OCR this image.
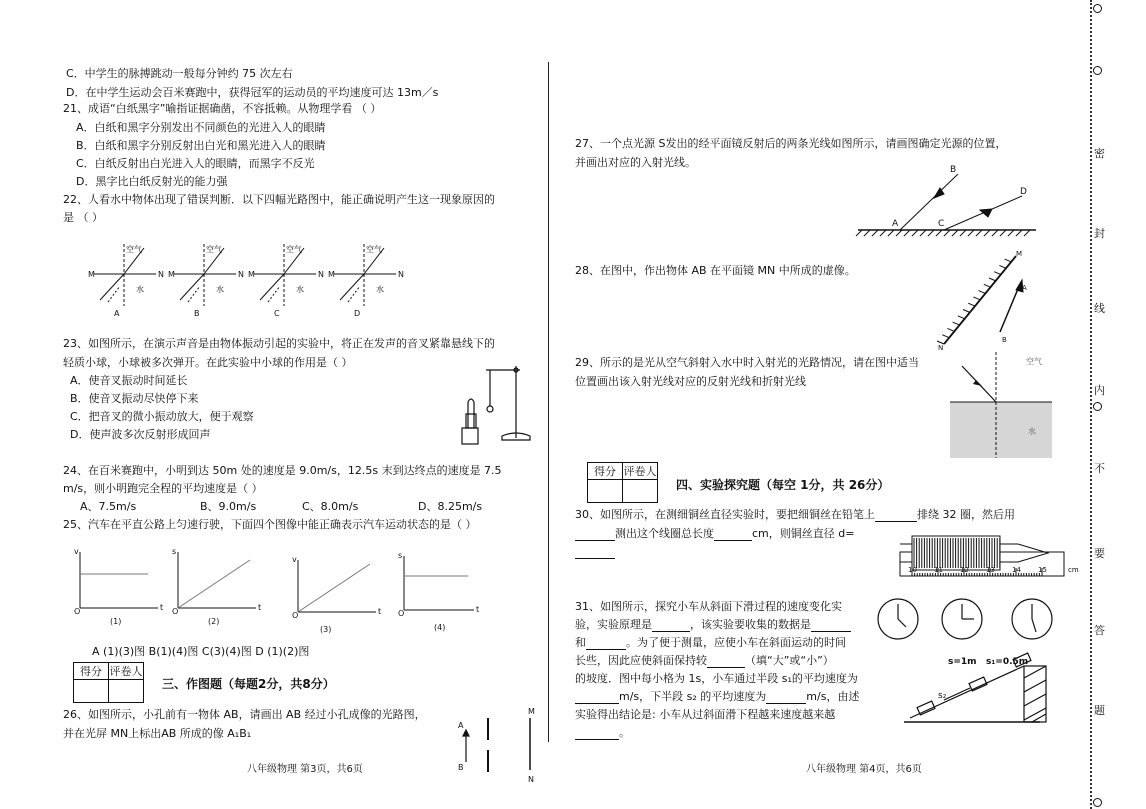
C．中学生的脉搏跳动一般每分钟约 75 次左右
D．在中学生运动会百米赛跑中，获得冠军的运动员的平均速度可达 13m／s
21、成语“白纸黑字”喻指证据确凿，不容抵赖。从物理学看 （ ）
A．白纸和黑字分别发出不同颜色的光进入人的眼睛
B．白纸和黑字分别反射出白光和黑光进入人的眼睛
C．白纸反射出白光进入人的眼睛，而黑字不反光
D．黑字比白纸反射光的能力强
22、人看水中物体出现了错误判断．以下四幅光路图中，能正确说明产生这一现象原因的
是 （ ）
M	N
空气
水
A
M	N
空气
水
B
M	N
空气
水
C
M	N
空气
水
D
23、如图所示，在演示声音是由物体振动引起的实验中，将正在发声的音叉紧靠悬线下的
轻质小球，小球被多次弹开。在此实验中小球的作用是（ ）
A．使音叉振动时间延长
B．使音叉振动尽快停下来
C．把音叉的微小振动放大，便于观察
D．使声波多次反射形成回声
24、在百米赛跑中，小明到达 50m 处的速度是 9.0m/s，12.5s 末到达终点的速度是 7.5
m/s，则小明跑完全程的平均速度是（ ）
A、7.5m/s	B、9.0m/s	C、8.0m/s	D、8.25m/s
25、汽车在平直公路上匀速行驶，下面四个图像中能正确表示汽车运动状态的是（ ）
v
t
O
s
t
O
v
t
O
s
t
O
(1)	(2)
(3)	(4)
A (1)(3)图 B(1)(4)图 C(3)(4)图 D (1)(2)图
得分	评卷人

三、作图题（每题2分，共8分）
26、如图所示，小孔前有一物体 AB，请画出 AB 经过小孔成像的光路图，
并在光屏 MN上标出AB 所成的像 A₁B₁
A
B
M
N
八年级物理 第3页，共6页
27、一个点光源 S发出的经平面镜反射后的两条光线如图所示，请画图确定光源的位置，
并画出对应的入射光线。
A
B
C
D
28、在图中，作出物体 AB 在平面镜 MN 中所成的虚像。
M
N
A
B
29、所示的是光从空气斜射入水中时入射光的光路情况，请在图中适当
位置画出该入射光线对应的反射光线和折射光线
空气
水
得分	评卷人

四、实验探究题（每空 1分，共 26分）
30、如图所示，在测细铜丝直径实验时，要把细铜丝在铅笔上	排绕 32 圈，然后用
测出这个线圈总长度	cm，则铜丝直径 d=
10 11 12 13 14 15	cm
31、如图所示，探究小车从斜面下滑过程的速度变化实
验，实验原理是	，该实验要收集的数据是
和	。为了便于测量，应使小车在斜面运动的时间
长些，因此应使斜面保持较	（填“大”或“小”）
的坡度．图中每小格为 1s，小车通过半段 s₁的平均速度为
m/s，下半段 s₂ 的平均速度为	m/s，由述
实验得出结论是: 小车从过斜面滑下程越来速度越来越
。
s=1m s₁=0.5m
s₂
八年级物理 第4页，共6页
密
封
线
内
不
要
答
题
